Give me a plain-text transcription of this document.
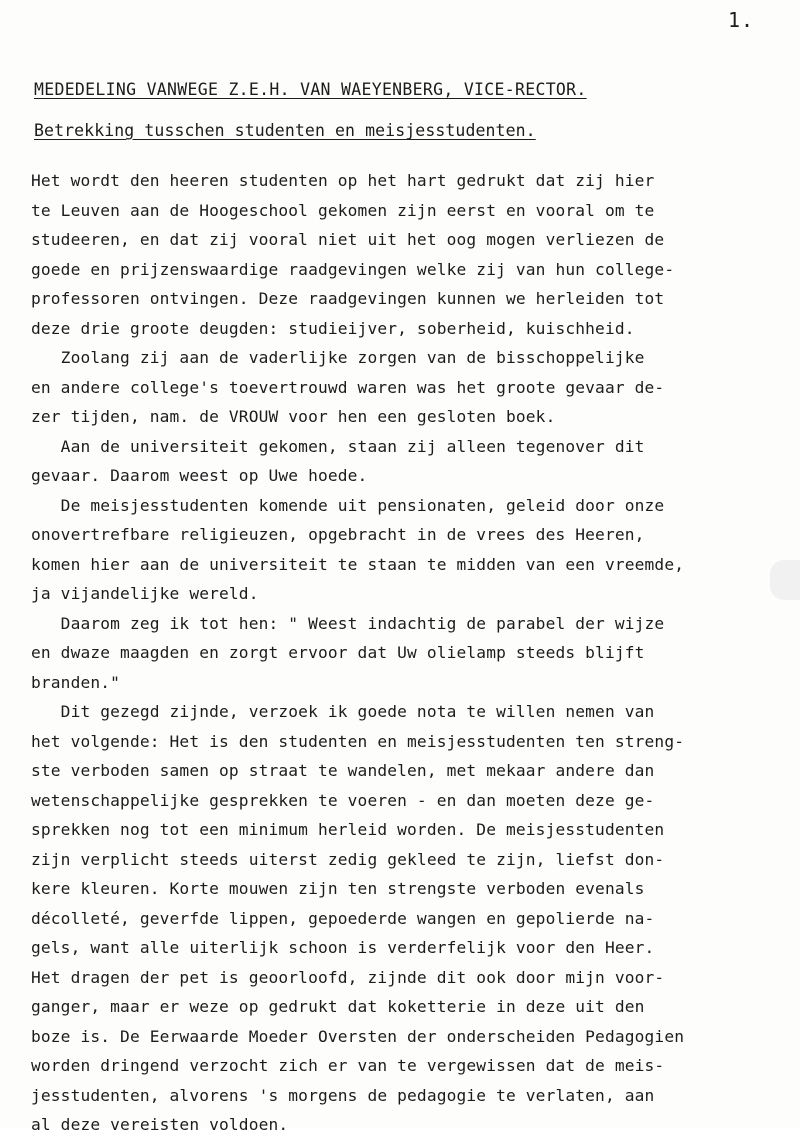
1.
MEDEDELING VANWEGE Z.E.H. VAN WAEYENBERG, VICE-RECTOR.
Betrekking tusschen studenten en meisjesstudenten.
Het wordt den heeren studenten op het hart gedrukt dat zij hier
te Leuven aan de Hoogeschool gekomen zijn eerst en vooral om te
studeeren, en dat zij vooral niet uit het oog mogen verliezen de
goede en prijzenswaardige raadgevingen welke zij van hun college-
professoren ontvingen. Deze raadgevingen kunnen we herleiden tot
deze drie groote deugden: studieijver, soberheid, kuischheid.
Zoolang zij aan de vaderlijke zorgen van de bisschoppelijke
en andere college's toevertrouwd waren was het groote gevaar de-
zer tijden, nam. de VROUW voor hen een gesloten boek.
Aan de universiteit gekomen, staan zij alleen tegenover dit
gevaar. Daarom weest op Uwe hoede.
De meisjesstudenten komende uit pensionaten, geleid door onze
onovertrefbare religieuzen, opgebracht in de vrees des Heeren,
komen hier aan de universiteit te staan te midden van een vreemde,
ja vijandelijke wereld.
Daarom zeg ik tot hen: " Weest indachtig de parabel der wijze
en dwaze maagden en zorgt ervoor dat Uw olielamp steeds blijft
branden."
Dit gezegd zijnde, verzoek ik goede nota te willen nemen van
het volgende: Het is den studenten en meisjesstudenten ten streng-
ste verboden samen op straat te wandelen, met mekaar andere dan
wetenschappelijke gesprekken te voeren - en dan moeten deze ge-
sprekken nog tot een minimum herleid worden. De meisjesstudenten
zijn verplicht steeds uiterst zedig gekleed te zijn, liefst don-
kere kleuren. Korte mouwen zijn ten strengste verboden evenals
décolleté, geverfde lippen, gepoederde wangen en gepolierde na-
gels, want alle uiterlijk schoon is verderfelijk voor den Heer.
Het dragen der pet is geoorloofd, zijnde dit ook door mijn voor-
ganger, maar er weze op gedrukt dat koketterie in deze uit den
boze is. De Eerwaarde Moeder Oversten der onderscheiden Pedagogien
worden dringend verzocht zich er van te vergewissen dat de meis-
jesstudenten, alvorens 's morgens de pedagogie te verlaten, aan
al deze vereisten voldoen.
